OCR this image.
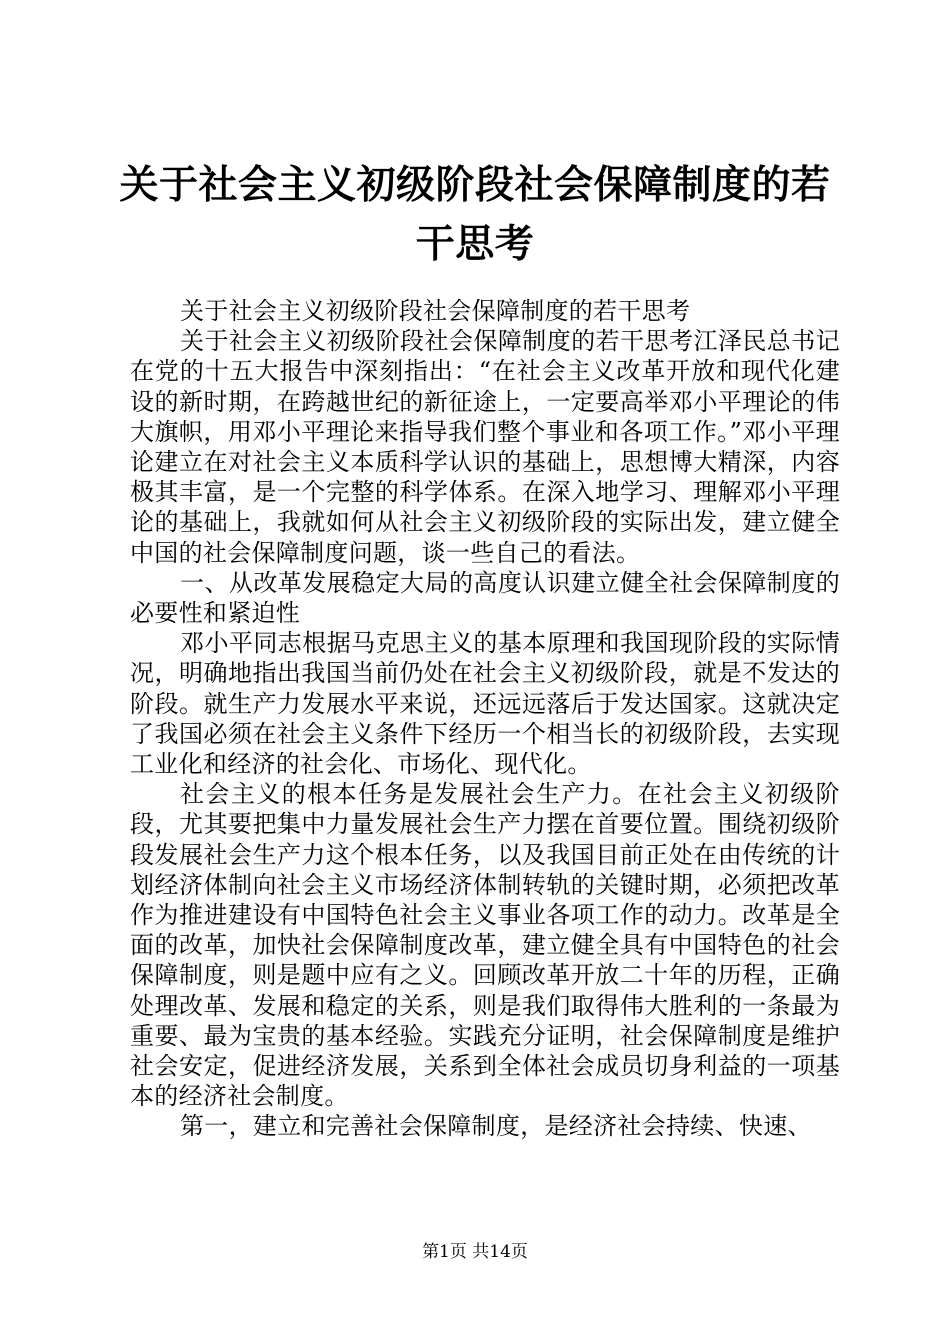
关于社会主义初级阶段社会保障制度的若干思考

关于社会主义初级阶段社会保障制度的若干思考

关于社会主义初级阶段社会保障制度的若干思考江泽民总书记在党的十五大报告中深刻指出：“在社会主义改革开放和现代化建设的新时期，在跨越世纪的新征途上，一定要高举邓小平理论的伟大旗帜，用邓小平理论来指导我们整个事业和各项工作。”邓小平理论建立在对社会主义本质科学认识的基础上，思想博大精深，内容极其丰富，是一个完整的科学体系。在深入地学习、理解邓小平理论的基础上，我就如何从社会主义初级阶段的实际出发，建立健全中国的社会保障制度问题，谈一些自己的看法。

一、从改革发展稳定大局的高度认识建立健全社会保障制度的必要性和紧迫性

邓小平同志根据马克思主义的基本原理和我国现阶段的实际情况，明确地指出我国当前仍处在社会主义初级阶段，就是不发达的阶段。就生产力发展水平来说，还远远落后于发达国家。这就决定了我国必须在社会主义条件下经历一个相当长的初级阶段，去实现工业化和经济的社会化、市场化、现代化。

社会主义的根本任务是发展社会生产力。在社会主义初级阶段，尤其要把集中力量发展社会生产力摆在首要位置。围绕初级阶段发展社会生产力这个根本任务，以及我国目前正处在由传统的计划经济体制向社会主义市场经济体制转轨的关键时期，必须把改革作为推进建设有中国特色社会主义事业各项工作的动力。改革是全面的改革，加快社会保障制度改革，建立健全具有中国特色的社会保障制度，则是题中应有之义。回顾改革开放二十年的历程，正确处理改革、发展和稳定的关系，则是我们取得伟大胜利的一条最为重要、最为宝贵的基本经验。实践充分证明，社会保障制度是维护社会安定，促进经济发展，关系到全体社会成员切身利益的一项基本的经济社会制度。

第一，建立和完善社会保障制度，是经济社会持续、快速、

第1页 共14页
